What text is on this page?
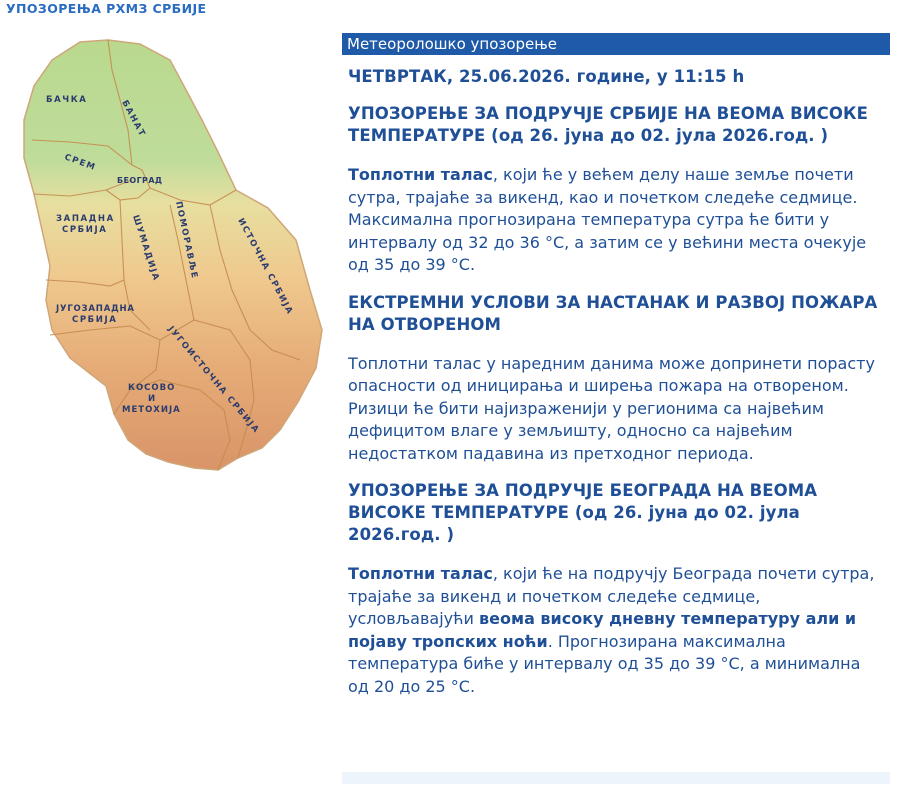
УПОЗОРЕЊА РХМЗ СРБИЈЕ
БАЧКА	БАНАТ
СРЕМ
БЕОГРАД
ЗАПАДНА
СРБИЈА	ШУМАДИЈА ПОМОРАВЉЕ	ИСТОЧНА СРБИЈА
ЈУГОЗАПАДНА
СРБИЈА
ЈУГОИСТОЧНА СРБИЈА
КОСОВО
И
МЕТОХИЈА
Метеоролошко упозорење
ЧЕТВРТАК, 25.06.2026. године, у 11:15 h
УПОЗОРЕЊЕ ЗА ПОДРУЧЈЕ СРБИЈЕ НА ВЕОМА ВИСОКЕ ТЕМПЕРАТУРЕ (од 26. јуна до 02. јула 2026.год. )
Топлотни талас, који ће у већем делу наше земље почети сутра, трајаће за викенд, као и почетком следеће седмице. Максимална прогнозирана температура сутра ће бити у интервалу од 32 до 36 °C, а затим се у већини места очекује од 35 до 39 °C.
ЕКСТРЕМНИ УСЛОВИ ЗА НАСТАНАК И РАЗВОЈ ПОЖАРА НА ОТВОРЕНОМ
Топлотни талас у наредним данима може допринети порасту опасности од иницирања и ширења пожара на отвореном. Ризици ће бити најизраженији у регионима са највећим дефицитом влаге у земљишту, односно са највећим недостатком падавина из претходног периода.
УПОЗОРЕЊЕ ЗА ПОДРУЧЈЕ БЕОГРАДА НА ВЕОМА ВИСОКЕ ТЕМПЕРАТУРЕ (од 26. јуна до 02. јула 2026.год. )
Топлотни талас, који ће на подручју Београда почети сутра, трајаће за викенд и почетком следеће седмице, условљавајући веома високу дневну температуру али и појаву тропских ноћи. Прогнозирана максимална температура биће у интервалу од 35 до 39 °C, а минимална од 20 до 25 °C.
